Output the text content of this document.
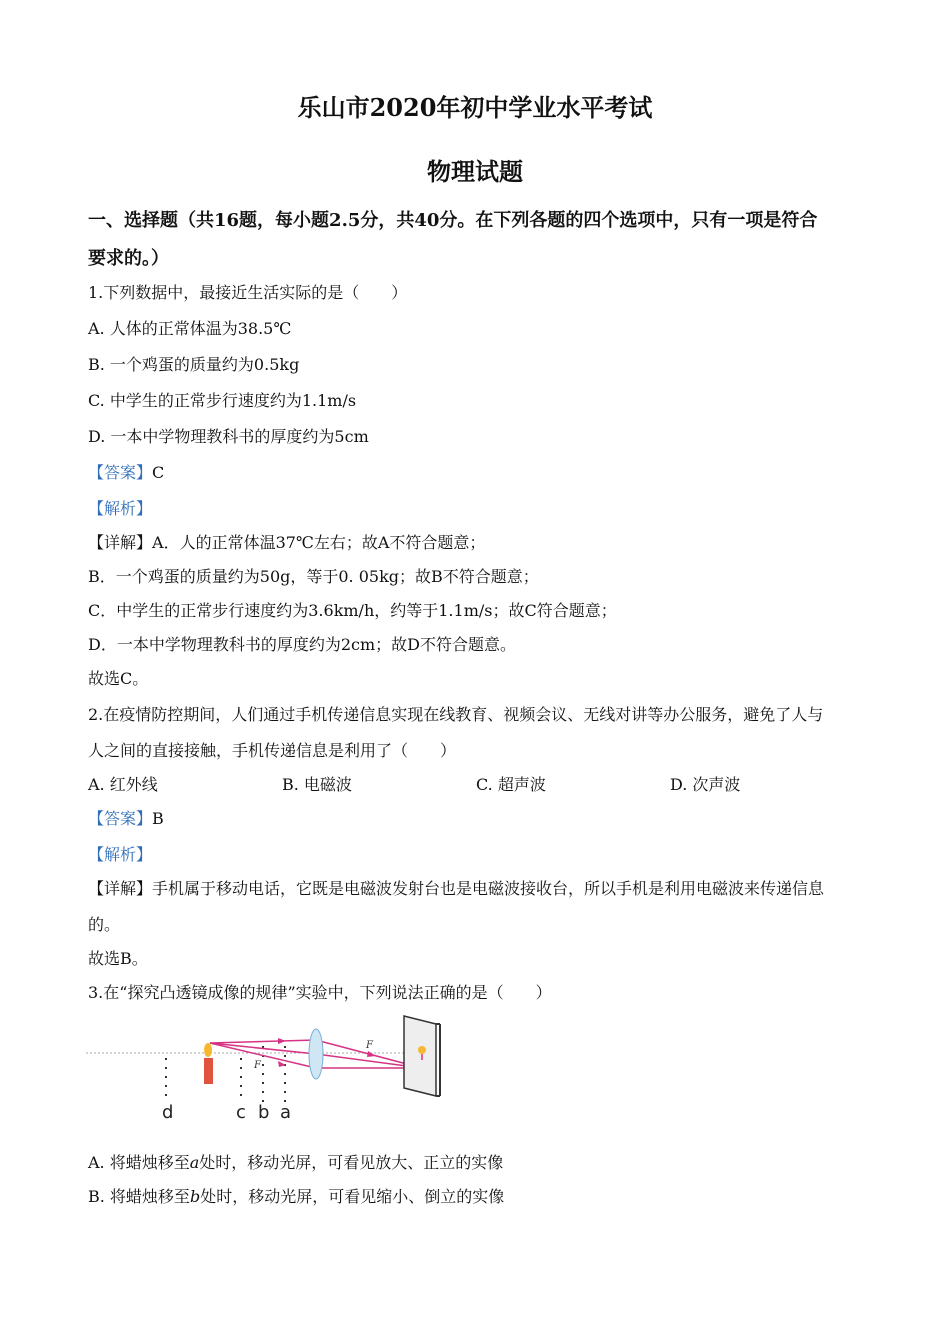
乐山市2020年初中学业水平考试
物理试题
一、选择题（共16题，每小题2.5分，共40分。在下列各题的四个选项中，只有一项是符合
要求的。）
1.下列数据中，最接近生活实际的是（　　）
A. 人体的正常体温为38.5℃
B. 一个鸡蛋的质量约为0.5kg
C. 中学生的正常步行速度约为1.1m/s
D. 一本中学物理教科书的厚度约为5cm
【答案】C
【解析】
【详解】A．人的正常体温37℃左右；故A不符合题意；
B．一个鸡蛋的质量约为50g，等于0. 05kg；故B不符合题意；
C．中学生的正常步行速度约为3.6km/h，约等于1.1m/s；故C符合题意；
D．一本中学物理教科书的厚度约为2cm；故D不符合题意。
故选C。
2.在疫情防控期间，人们通过手机传递信息实现在线教育、视频会议、无线对讲等办公服务，避免了人与
人之间的直接接触，手机传递信息是利用了（　　）
A. 红外线	B. 电磁波	C. 超声波	D. 次声波
【答案】B
【解析】
【详解】手机属于移动电话，它既是电磁波发射台也是电磁波接收台，所以手机是利用电磁波来传递信息
的。
故选B。
3.在“探究凸透镜成像的规律”实验中，下列说法正确的是（　　）
F
F
d	c b a
A. 将蜡烛移至a处时，移动光屏，可看见放大、正立的实像
B. 将蜡烛移至b处时，移动光屏，可看见缩小、倒立的实像
